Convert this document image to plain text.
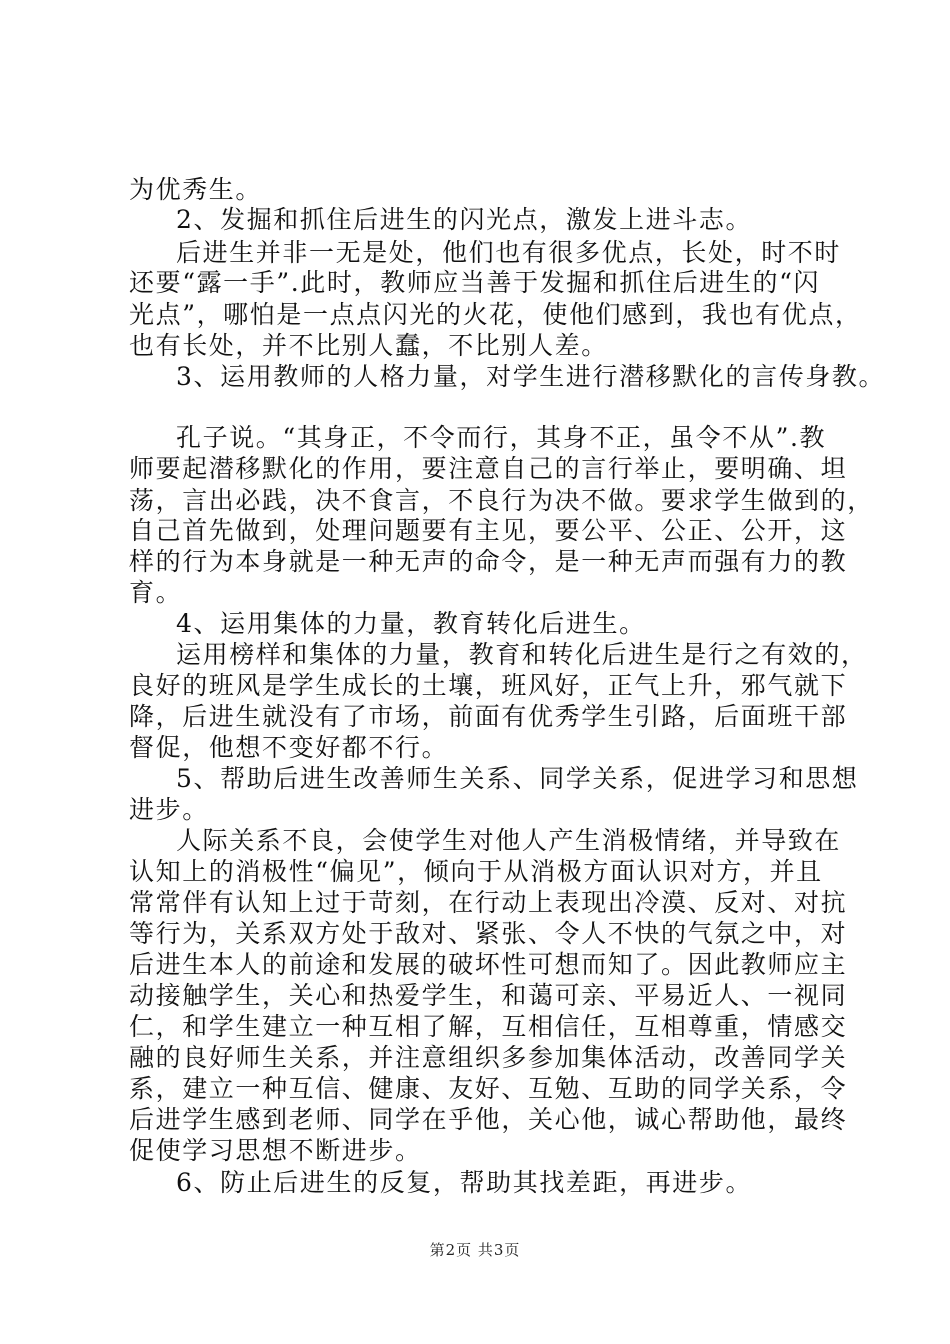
为优秀生。
2、发掘和抓住后进生的闪光点，激发上进斗志。
后进生并非一无是处，他们也有很多优点，长处，时不时
还要“露一手”.此时，教师应当善于发掘和抓住后进生的“闪
光点”，哪怕是一点点闪光的火花，使他们感到，我也有优点，
也有长处，并不比别人蠢，不比别人差。
3、运用教师的人格力量，对学生进行潜移默化的言传身教。
孔子说。“其身正，不令而行，其身不正，虽令不从”.教
师要起潜移默化的作用，要注意自己的言行举止，要明确、坦
荡，言出必践，决不食言，不良行为决不做。要求学生做到的，
自己首先做到，处理问题要有主见，要公平、公正、公开，这
样的行为本身就是一种无声的命令，是一种无声而强有力的教
育。
4、运用集体的力量，教育转化后进生。
运用榜样和集体的力量，教育和转化后进生是行之有效的，
良好的班风是学生成长的土壤，班风好，正气上升，邪气就下
降，后进生就没有了市场，前面有优秀学生引路，后面班干部
督促，他想不变好都不行。
5、帮助后进生改善师生关系、同学关系，促进学习和思想
进步。
人际关系不良，会使学生对他人产生消极情绪，并导致在
认知上的消极性“偏见”，倾向于从消极方面认识对方，并且
常常伴有认知上过于苛刻，在行动上表现出冷漠、反对、对抗
等行为，关系双方处于敌对、紧张、令人不快的气氛之中，对
后进生本人的前途和发展的破坏性可想而知了。因此教师应主
动接触学生，关心和热爱学生，和蔼可亲、平易近人、一视同
仁，和学生建立一种互相了解，互相信任，互相尊重，情感交
融的良好师生关系，并注意组织多参加集体活动，改善同学关
系，建立一种互信、健康、友好、互勉、互助的同学关系，令
后进学生感到老师、同学在乎他，关心他，诚心帮助他，最终
促使学习思想不断进步。
6、防止后进生的反复，帮助其找差距，再进步。
第2页 共3页
